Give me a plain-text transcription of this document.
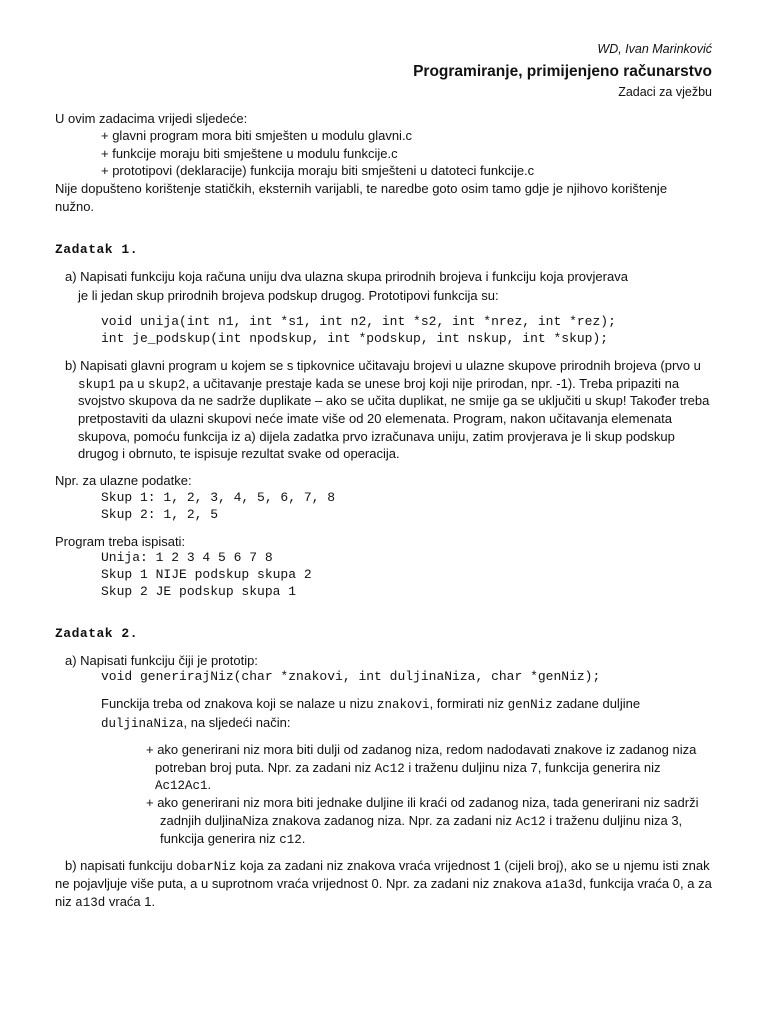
WD, Ivan Marinković
Programiranje, primijenjeno računarstvo
Zadaci za vježbu
U ovim zadacima vrijedi sljedeće:
+ glavni program mora biti smješten u modulu glavni.c
+ funkcije moraju biti smještene u modulu funkcije.c
+ prototipovi (deklaracije) funkcija moraju biti smješteni u datoteci funkcije.c
Nije dopušteno korištenje statičkih, eksternih varijabli, te naredbe goto osim tamo gdje je njihovo korištenje
nužno.
Zadatak 1.
a) Napisati funkciju koja računa uniju dva ulazna skupa prirodnih brojeva i funkciju koja provjerava
je li jedan skup prirodnih brojeva podskup drugog. Prototipovi funkcija su:
void unija(int n1, int *s1, int n2, int *s2, int *nrez, int *rez);
int je_podskup(int npodskup, int *podskup, int nskup, int *skup);
b) Napisati glavni program u kojem se s tipkovnice učitavaju brojevi u ulazne skupove prirodnih brojeva (prvo u
skup1 pa u skup2, a učitavanje prestaje kada se unese broj koji nije prirodan, npr. -1). Treba pripaziti na
svojstvo skupova da ne sadrže duplikate – ako se učita duplikat, ne smije ga se uključiti u skup! Također treba
pretpostaviti da ulazni skupovi neće imate više od 20 elemenata. Program, nakon učitavanja elemenata
skupova, pomoću funkcija iz a) dijela zadatka prvo izračunava uniju, zatim provjerava je li skup podskup
drugog i obrnuto, te ispisuje rezultat svake od operacija.
Npr. za ulazne podatke:
Skup 1: 1, 2, 3, 4, 5, 6, 7, 8
Skup 2: 1, 2, 5
Program treba ispisati:
Unija: 1 2 3 4 5 6 7 8
Skup 1 NIJE podskup skupa 2
Skup 2 JE podskup skupa 1
Zadatak 2.
a) Napisati funkciju čiji je prototip:
void generirajNiz(char *znakovi, int duljinaNiza, char *genNiz);
Funckija treba od znakova koji se nalaze u nizu znakovi, formirati niz genNiz zadane duljine
duljinaNiza, na sljedeći način:
+ ako generirani niz mora biti dulji od zadanog niza, redom nadodavati znakove iz zadanog niza
potreban broj puta. Npr. za zadani niz Ac12 i traženu duljinu niza 7, funkcija generira niz
Ac12Ac1.
+ ako generirani niz mora biti jednake duljine ili kraći od zadanog niza, tada generirani niz sadrži
zadnjih duljinaNiza znakova zadanog niza. Npr. za zadani niz Ac12 i traženu duljinu niza 3,
funkcija generira niz c12.
b) napisati funkciju dobarNiz koja za zadani niz znakova vraća vrijednost 1 (cijeli broj), ako se u njemu isti znak
ne pojavljuje više puta, a u suprotnom vraća vrijednost 0. Npr. za zadani niz znakova a1a3d, funkcija vraća 0, a za
niz a13d vraća 1.
